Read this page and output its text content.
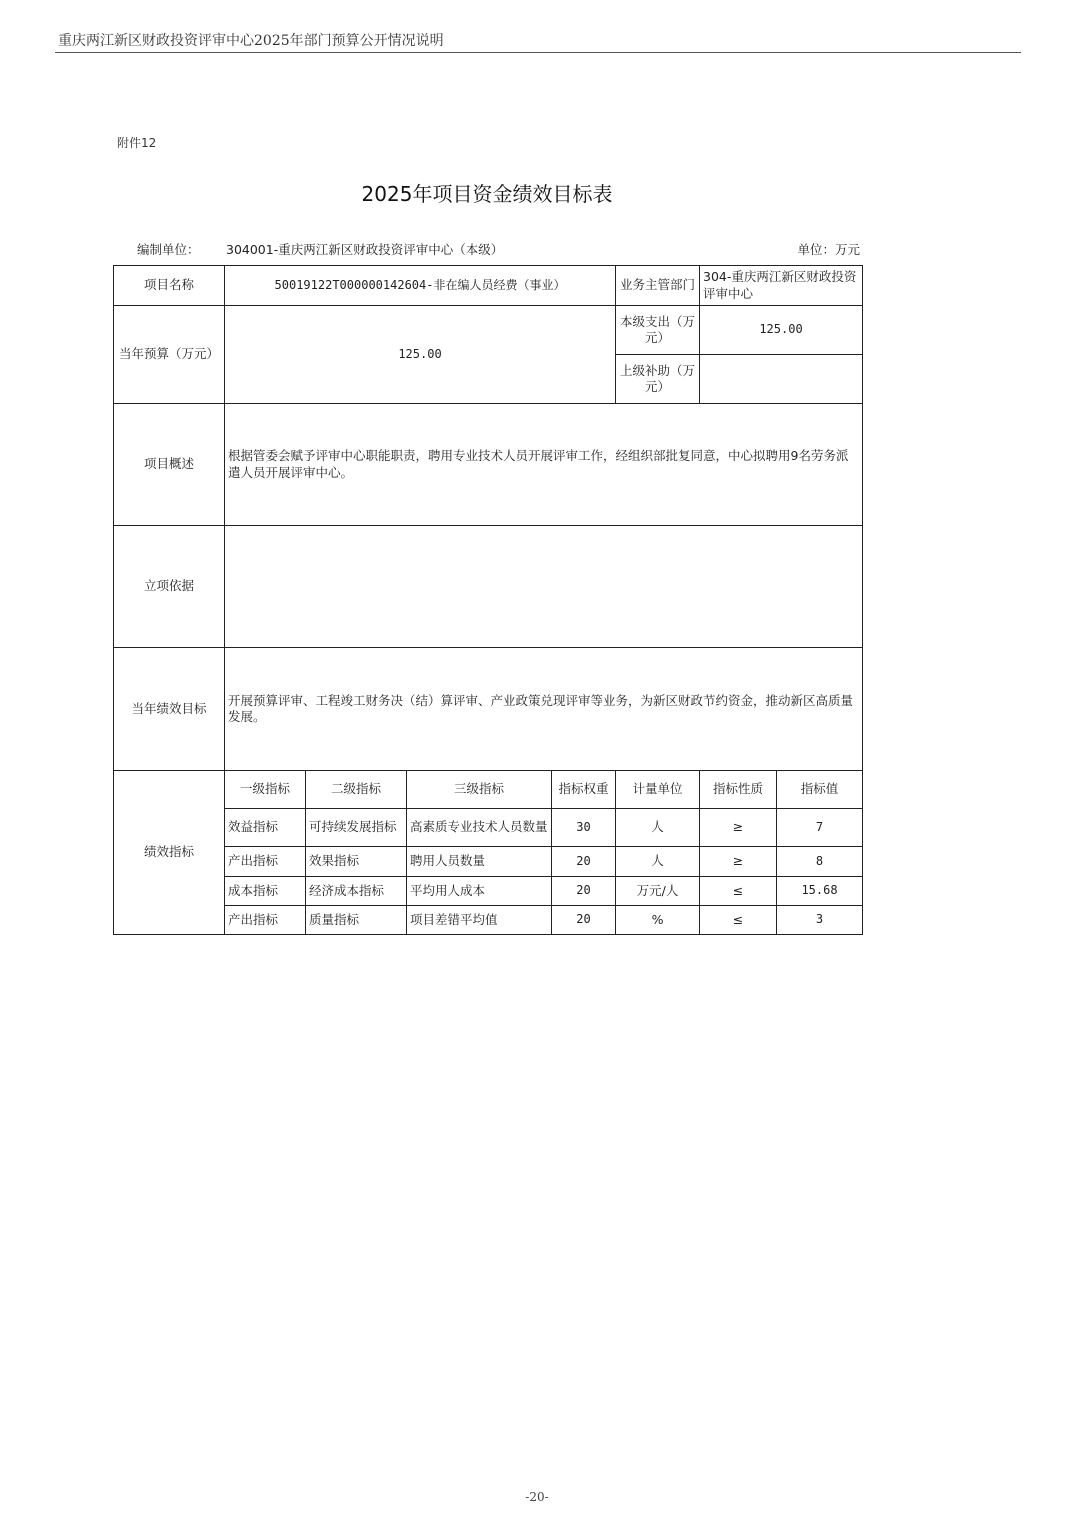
重庆两江新区财政投资评审中心2025年部门预算公开情况说明
附件12
2025年项目资金绩效目标表
编制单位： 304001-重庆两江新区财政投资评审中心（本级）	单位：万元
项目名称	50019122T000000142604-非在编人员经费（事业）				业务主管部门	304-重庆两江新区财政投资评审中心	
当年预算（万元）	125.00				本级支出（万元）	125.00	
					上级补助（万元）		
项目概述	根据管委会赋予评审中心职能职责，聘用专业技术人员开展评审工作，经组织部批复同意，中心拟聘用9名劳务派遣人员开展评审中心。						
立项依据							
当年绩效目标	开展预算评审、工程竣工财务决（结）算评审、产业政策兑现评审等业务，为新区财政节约资金，推动新区高质量发展。						
绩效指标	一级指标	二级指标	三级指标	指标权重	计量单位	指标性质	指标值
	效益指标	可持续发展指标	高素质专业技术人员数量	30	人	≥	7
	产出指标	效果指标	聘用人员数量	20	人	≥	8
	成本指标	经济成本指标	平均用人成本	20	万元/人	≤	15.68
	产出指标	质量指标	项目差错平均值	20	%	≤	3
-20-
